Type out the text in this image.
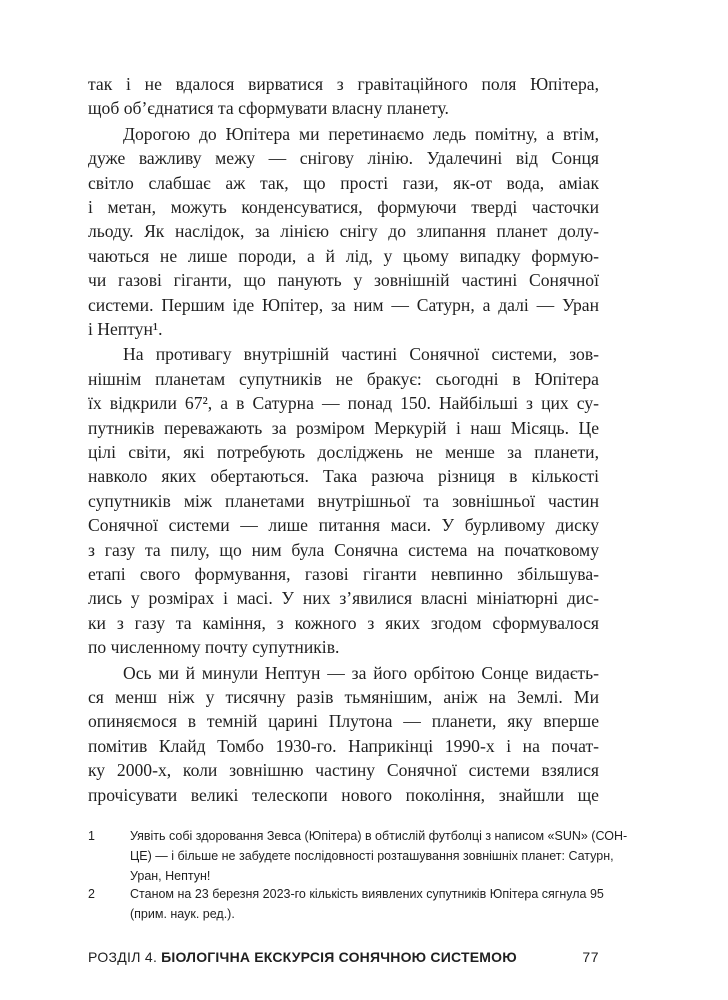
так і не вдалося вирватися з гравітаційного поля Юпітера,
щоб об’єднатися та сформувати власну планету.
Дорогою до Юпітера ми перетинаємо ледь помітну, а втім,
дуже важливу межу — снігову лінію. Удалечині від Сонця
світло слабшає аж так, що прості гази, як-от вода, аміак
і метан, можуть конденсуватися, формуючи тверді часточки
льоду. Як наслідок, за лінією снігу до злипання планет долу-
чаються не лише породи, а й лід, у цьому випадку формую-
чи газові гіганти, що панують у зовнішній частині Сонячної
системи. Першим іде Юпітер, за ним — Сатурн, а далі — Уран
і Нептун¹.
На противагу внутрішній частині Сонячної системи, зов-
нішнім планетам супутників не бракує: сьогодні в Юпітера
їх відкрили 67², а в Сатурна — понад 150. Найбільші з цих су-
путників переважають за розміром Меркурій і наш Місяць. Це
цілі світи, які потребують досліджень не менше за планети,
навколо яких обертаються. Така разюча різниця в кількості
супутників між планетами внутрішньої та зовнішньої частин
Сонячної системи — лише питання маси. У бурливому диску
з газу та пилу, що ним була Сонячна система на початковому
етапі свого формування, газові гіганти невпинно збільшува-
лись у розмірах і масі. У них з’явилися власні мініатюрні дис-
ки з газу та каміння, з кожного з яких згодом сформувалося
по численному почту супутників.
Ось ми й минули Нептун — за його орбітою Сонце видаєть-
ся менш ніж у тисячну разів тьмянішим, аніж на Землі. Ми
опиняємося в темній царині Плутона — планети, яку вперше
помітив Клайд Томбо 1930-го. Наприкінці 1990-х і на почат-
ку 2000-х, коли зовнішню частину Сонячної системи взялися
прочісувати великі телескопи нового покоління, знайшли ще
1	Уявіть собі здоровання Зевса (Юпітера) в обтислій футболці з написом «SUN» (СОН-
ЦЕ) — і більше не забудете послідовності розташування зовнішніх планет: Сатурн,
Уран, Нептун!
2	Станом на 23 березня 2023-го кількість виявлених супутників Юпітера сягнула 95
(прим. наук. ред.).
РОЗДІЛ 4. БІОЛОГІЧНА ЕКСКУРСІЯ СОНЯЧНОЮ СИСТЕМОЮ	77
